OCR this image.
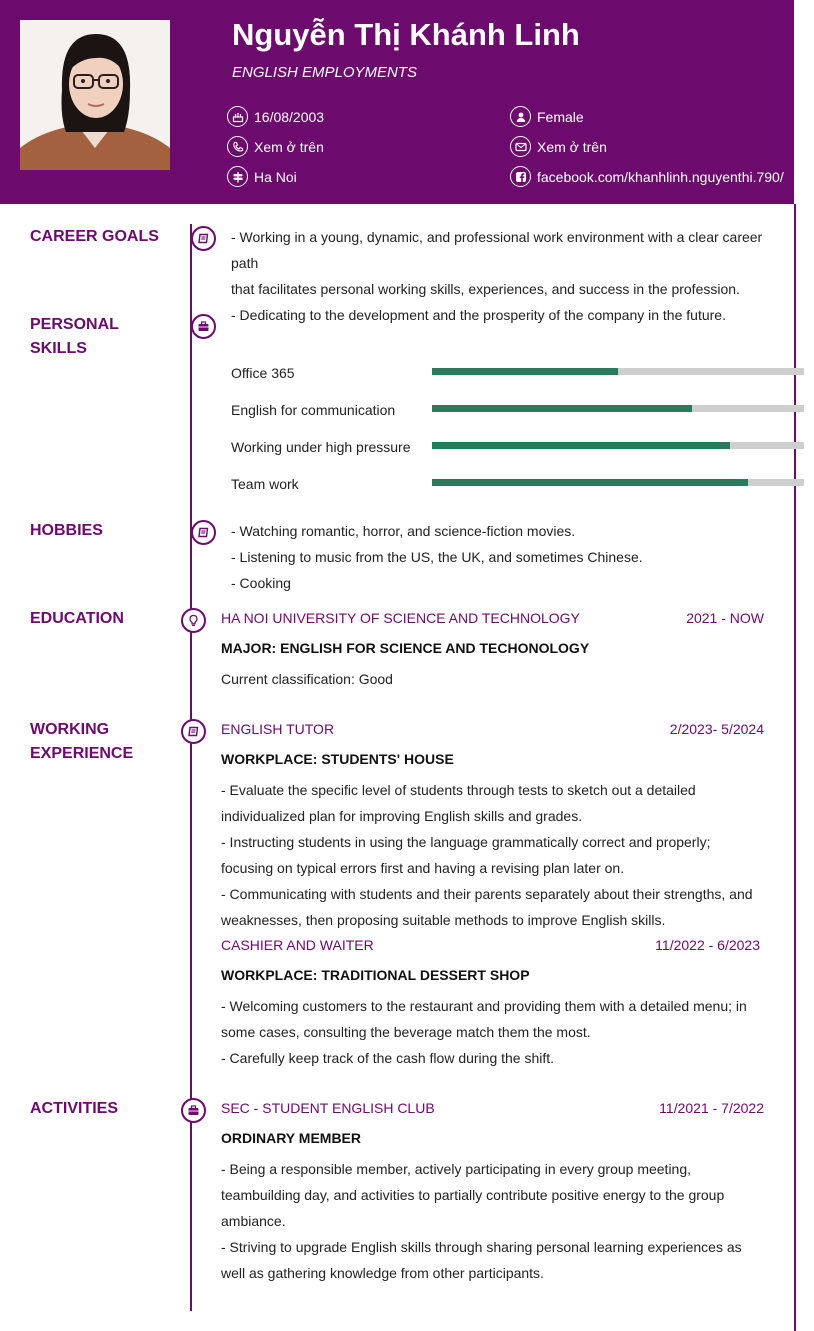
Nguyễn Thị Khánh Linh
ENGLISH EMPLOYMENTS
16/08/2003
Xem ở trên
Ha Noi
Female
Xem ở trên
facebook.com/khanhlinh.nguyenthi.790/
CAREER GOALS	- Working in a young, dynamic, and professional work environment with a clear career path
that facilitates personal working skills, experiences, and success in the profession.
- Dedicating to the development and the prosperity of the company in the future.
PERSONAL
SKILLS
Office 365
English for communication
Working under high pressure
Team work
HOBBIES	- Watching romantic, horror, and science-fiction movies.
- Listening to music from the US, the UK, and sometimes Chinese.
- Cooking
EDUCATION	HA NOI UNIVERSITY OF SCIENCE AND TECHNOLOGY	2021 - NOW
MAJOR: ENGLISH FOR SCIENCE AND TECHONOLOGY
Current classification: Good
WORKING
EXPERIENCE
ENGLISH TUTOR	2/2023- 5/2024
WORKPLACE: STUDENTS' HOUSE
- Evaluate the specific level of students through tests to sketch out a detailed
individualized plan for improving English skills and grades.
- Instructing students in using the language grammatically correct and properly;
focusing on typical errors first and having a revising plan later on.
- Communicating with students and their parents separately about their strengths, and
weaknesses, then proposing suitable methods to improve English skills.
CASHIER AND WAITER	11/2022 - 6/2023
WORKPLACE: TRADITIONAL DESSERT SHOP
- Welcoming customers to the restaurant and providing them with a detailed menu; in
some cases, consulting the beverage match them the most.
- Carefully keep track of the cash flow during the shift.
ACTIVITIES	SEC - STUDENT ENGLISH CLUB	11/2021 - 7/2022
ORDINARY MEMBER
- Being a responsible member, actively participating in every group meeting,
teambuilding day, and activities to partially contribute positive energy to the group
ambiance.
- Striving to upgrade English skills through sharing personal learning experiences as
well as gathering knowledge from other participants.
